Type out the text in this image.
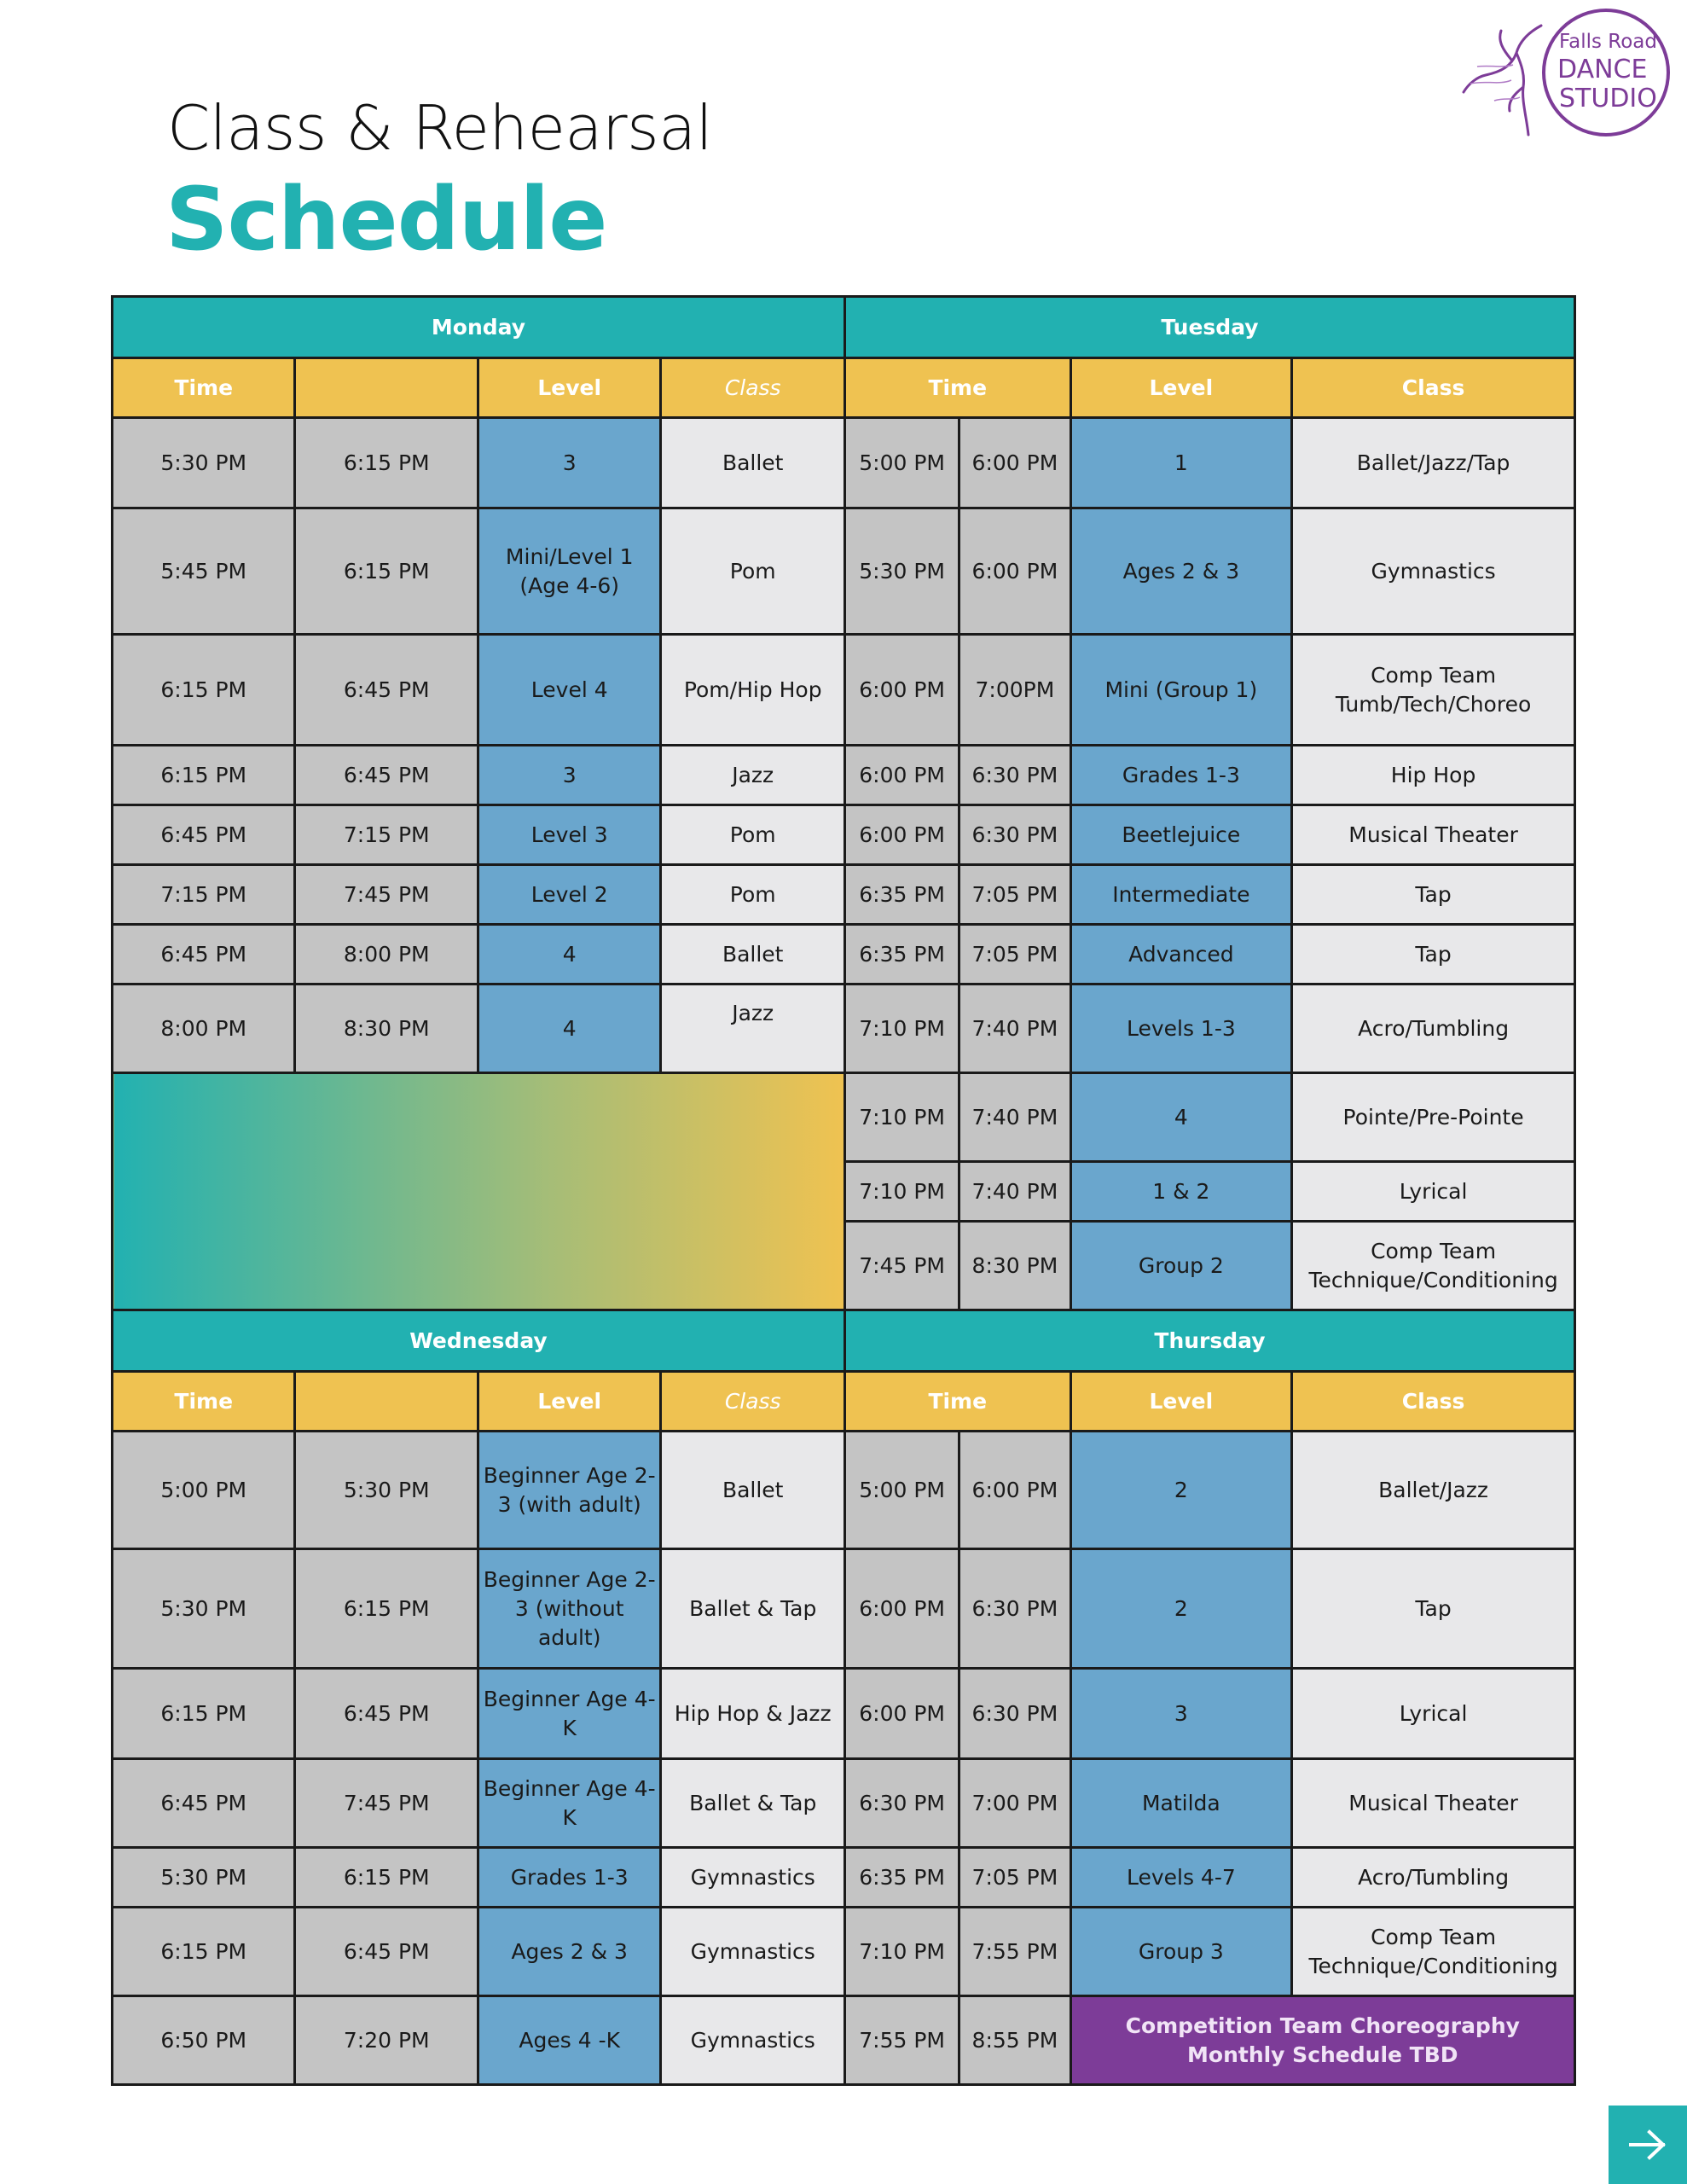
Class & Rehearsal
Schedule
Falls Road
DANCE
STUDIO
Monday				Tuesday			
Time		Level	Class	Time		Level	Class
5:30 PM	6:15 PM	3	Ballet	5:00 PM	6:00 PM	1	Ballet/Jazz/Tap
5:45 PM	6:15 PM	Mini/Level 1 (Age 4-6)	Pom	5:30 PM	6:00 PM	Ages 2 & 3	Gymnastics
6:15 PM	6:45 PM	Level 4	Pom/Hip Hop	6:00 PM	7:00PM	Mini (Group 1)	Comp Team Tumb/Tech/Choreo
6:15 PM	6:45 PM	3	Jazz	6:00 PM	6:30 PM	Grades 1-3	Hip Hop
6:45 PM	7:15 PM	Level 3	Pom	6:00 PM	6:30 PM	Beetlejuice	Musical Theater
7:15 PM	7:45 PM	Level 2	Pom	6:35 PM	7:05 PM	Intermediate	Tap
6:45 PM	8:00 PM	4	Ballet	6:35 PM	7:05 PM	Advanced	Tap
8:00 PM	8:30 PM	4	Jazz	7:10 PM	7:40 PM	Levels 1-3	Acro/Tumbling
				7:10 PM	7:40 PM	4	Pointe/Pre-Pointe
				7:10 PM	7:40 PM	1 & 2	Lyrical
				7:45 PM	8:30 PM	Group 2	Comp Team Technique/Conditioning
Wednesday				Thursday			
Time		Level	Class	Time		Level	Class
5:00 PM	5:30 PM	Beginner Age 2-3 (with adult)	Ballet	5:00 PM	6:00 PM	2	Ballet/Jazz
5:30 PM	6:15 PM	Beginner Age 2-3 (without adult)	Ballet & Tap	6:00 PM	6:30 PM	2	Tap
6:15 PM	6:45 PM	Beginner Age 4-K	Hip Hop & Jazz	6:00 PM	6:30 PM	3	Lyrical
6:45 PM	7:45 PM	Beginner Age 4-K	Ballet & Tap	6:30 PM	7:00 PM	Matilda	Musical Theater
5:30 PM	6:15 PM	Grades 1-3	Gymnastics	6:35 PM	7:05 PM	Levels 4-7	Acro/Tumbling
6:15 PM	6:45 PM	Ages 2 & 3	Gymnastics	7:10 PM	7:55 PM	Group 3	Comp Team Technique/Conditioning
6:50 PM	7:20 PM	Ages 4 -K	Gymnastics	7:55 PM	8:55 PM	Competition Team Choreography Monthly Schedule TBD	
